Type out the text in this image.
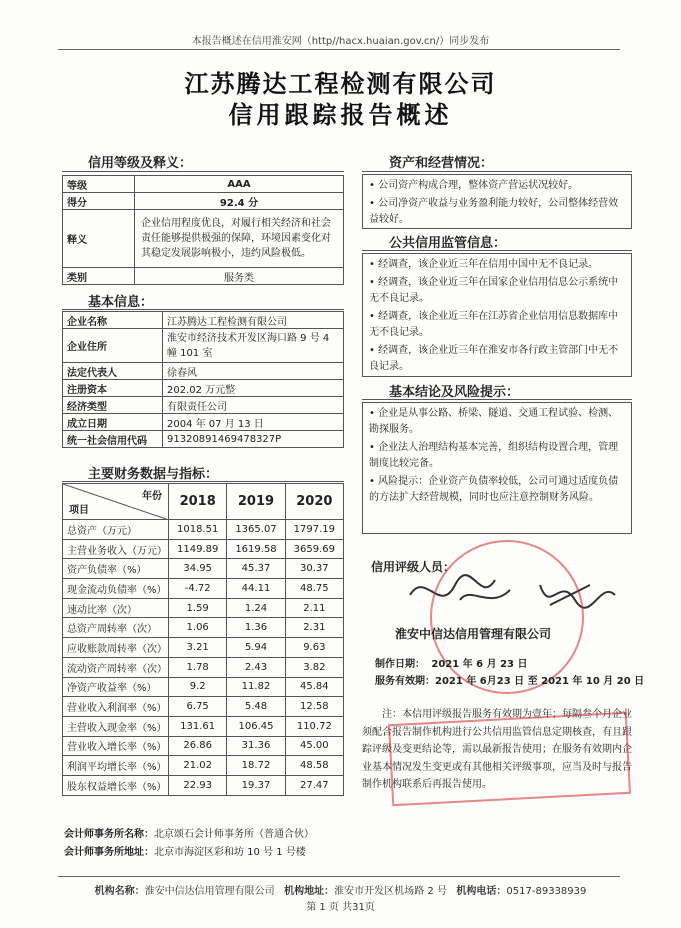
本报告概述在信用淮安网（http//hacx.huaian.gov.cn/）同步发布
江苏腾达工程检测有限公司
信用跟踪报告概述
信用等级及释义：
等级	AAA
得分	92.4 分
释义	企业信用程度优良，对履行相关经济和社会责任能够提供极强的保障，环境因素变化对其稳定发展影响极小，违约风险极低。
类别	服务类
基本信息：
企业名称	江苏腾达工程检测有限公司
企业住所	淮安市经济技术开发区海口路 9 号 4 幢 101 室
法定代表人	徐春风
注册资本	202.02 万元整
经济类型	有限责任公司
成立日期	2004 年 07 月 13 日
统一社会信用代码	91320891469478327P
主要财务数据与指标：
年份
项目
	2018	2019	2020
总资产（万元）	1018.51	1365.07	1797.19
主营业务收入（万元）	1149.89	1619.58	3659.69
资产负债率（%）	34.95	45.37	30.37
现金流动负债率（%）	-4.72	44.11	48.75
速动比率（次）	1.59	1.24	2.11
总资产周转率（次）	1.06	1.36	2.31
应收账款周转率（次）	3.21	5.94	9.63
流动资产周转率（次）	1.78	2.43	3.82
净资产收益率（%）	9.2	11.82	45.84
营业收入利润率（%）	6.75	5.48	12.58
主营收入现金率（%）	131.61	106.45	110.72
营业收入增长率（%）	26.86	31.36	45.00
利润平均增长率（%）	21.02	18.72	48.58
股东权益增长率（%）	22.93	19.37	27.47
会计师事务所名称：北京颂石会计师事务所（普通合伙）
会计师事务所地址：北京市海淀区彩和坊 10 号 1 号楼
资产和经营情况：

• 公司资产构成合理，整体资产营运状况较好。

• 公司净资产收益与业务盈利能力较好，公司整体经营效益较好。

公共信用监管信息：

• 经调查，该企业近三年在信用中国中无不良记录。

• 经调查，该企业近三年在国家企业信用信息公示系统中无不良记录。

• 经调查，该企业近三年在江苏省企业信用信息数据库中无不良记录。

• 经调查，该企业近三年在淮安市各行政主管部门中无不良记录。

基本结论及风险提示：

• 企业是从事公路、桥梁、隧道、交通工程试验、检测、勘探服务。

• 企业法人治理结构基本完善，组织结构设置合理，管理制度比较完备。

• 风险提示：企业资产负债率较低，公司可通过适度负债的方法扩大经营规模，同时也应注意控制财务风险。

信用评级人员：
淮安中信达信用管理有限公司
制作日期： 2021 年 6 月 23 日
服务有效期：2021 年 6月23 日 至 2021 年 10 月 20 日
注：本信用评级报告服务有效期为壹年；每隔叁个月企业须配合报告制作机构进行公共信用监管信息定期核查，有且跟踪评级及变更结论等，需以最新报告使用；在服务有效期内企业基本情况发生变更或有其他相关评级事项，应当及时与报告制作机构联系后再报告使用。
机构名称：淮安中信达信用管理有限公司 机构地址：淮安市开发区机场路 2 号 机构电话：0517-89338939
第 1 页 共31页
